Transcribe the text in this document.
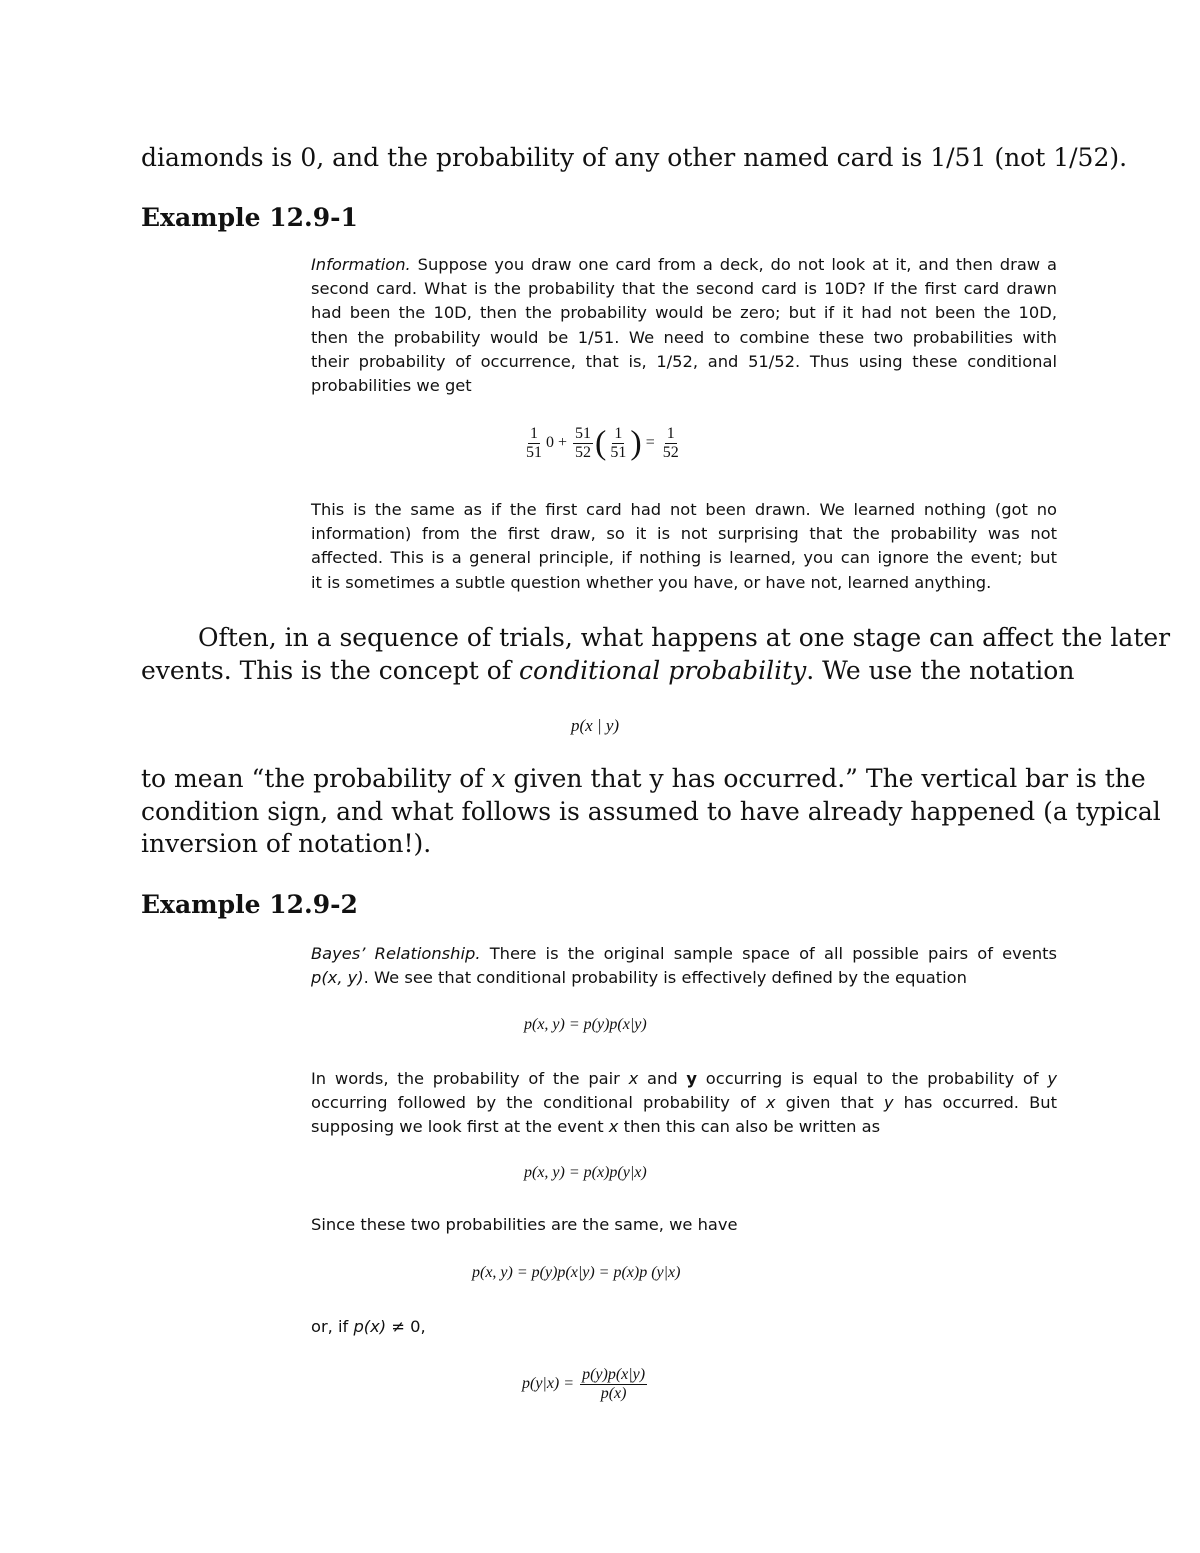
diamonds is 0, and the probability of any other named card is 1/51 (not 1/52).
Example 12.9-1
Information. Suppose you draw one card from a deck, do not look at it, and then draw a
second card. What is the probability that the second card is 10D? If the first card drawn
had been the 10D, then the probability would be zero; but if it had not been the 10D,
then the probability would be 1/51. We need to combine these two probabilities with
their probability of occurrence, that is, 1/52, and 51/52. Thus using these conditional
probabilities we get
$\frac{1}{51} 0 + \frac{51}{52}$ ( $\frac{1}{51}$ ) = $\frac{1}{52}$
This is the same as if the first card had not been drawn. We learned nothing (got no
information) from the first draw, so it is not surprising that the probability was not
affected. This is a general principle, if nothing is learned, you can ignore the event; but
it is sometimes a subtle question whether you have, or have not, learned anything.
Often, in a sequence of trials, what happens at one stage can affect the later
events. This is the concept of conditional probability. We use the notation
p(x | y)
to mean “the probability of x given that y has occurred.” The vertical bar is the
condition sign, and what follows is assumed to have already happened (a typical
inversion of notation!).
Example 12.9-2
Bayes’ Relationship. There is the original sample space of all possible pairs of events
p(x, y). We see that conditional probability is effectively defined by the equation
p(x, y) = p(y)p(x|y)
In words, the probability of the pair x and y occurring is equal to the probability of y
occurring followed by the conditional probability of x given that y has occurred. But
supposing we look first at the event x then this can also be written as
p(x, y) = p(x)p(y|x)
Since these two probabilities are the same, we have
p(x, y) = p(y)p(x|y) = p(x)p (y|x)
or, if p(x) ≠ 0,
$p(y|x) = \frac{p(y)p(x|y)}{p(x)}$
